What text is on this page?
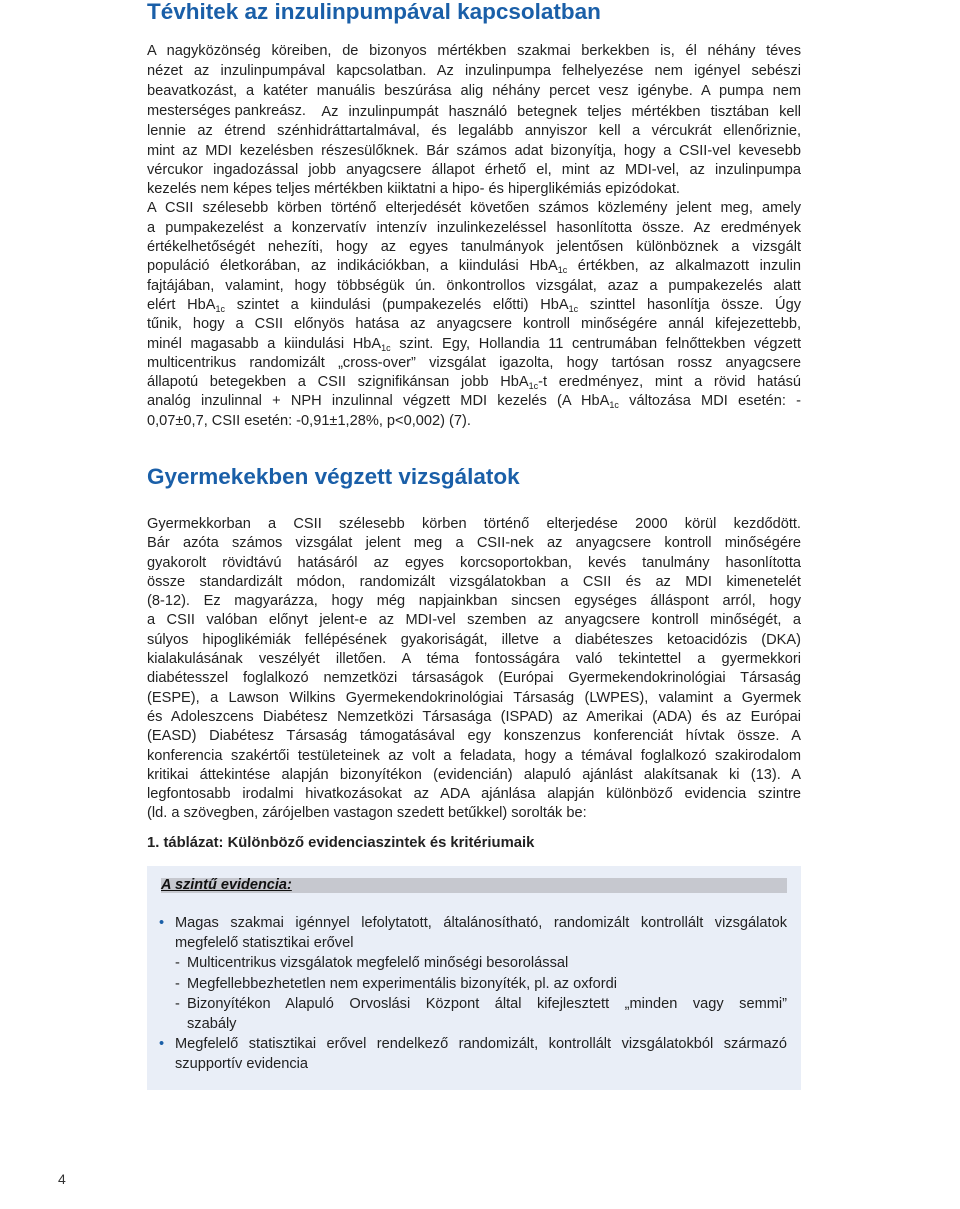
Tévhitek az inzulinpumpával kapcsolatban

A nagyközönség köreiben, de bizonyos mértékben szakmai berkekben is, él néhány téves
nézet az inzulinpumpával kapcsolatban. Az inzulinpumpa felhelyezése nem igényel sebészi
beavatkozást, a katéter manuális beszúrása alig néhány percet vesz igénybe. A pumpa nem
mesterséges pankreász.	Az inzulinpumpát használó betegnek teljes mértékben tisztában kell
lennie az étrend szénhidráttartalmával, és legalább annyiszor kell a vércukrát ellenőriznie,
mint az MDI kezelésben részesülőknek. Bár számos adat bizonyítja, hogy a CSII-vel kevesebb
vércukor ingadozással jobb anyagcsere állapot érhető el, mint az MDI-vel, az inzulinpumpa
kezelés nem képes teljes mértékben kiiktatni a hipo- és hiperglikémiás epizódokat.
A CSII szélesebb körben történő elterjedését követően számos közlemény jelent meg, amely
a pumpakezelést a konzervatív intenzív inzulinkezeléssel hasonlította össze. Az eredmények
értékelhetőségét nehezíti, hogy az egyes tanulmányok jelentősen különböznek a vizsgált
populáció életkorában, az indikációkban, a kiindulási HbA$_{1c}$ értékben, az alkalmazott inzulin
fajtájában, valamint, hogy többségük ún. önkontrollos vizsgálat, azaz a pumpakezelés alatt
elért HbA$_{1c}$ szintet a kiindulási (pumpakezelés előtti) HbA$_{1c}$ szinttel hasonlítja össze. Úgy
tűnik, hogy a CSII előnyös hatása az anyagcsere kontroll minőségére annál kifejezettebb,
minél magasabb a kiindulási HbA$_{1c}$ szint. Egy, Hollandia 11 centrumában felnőttekben végzett
multicentrikus randomizált „cross-over” vizsgálat igazolta, hogy tartósan rossz anyagcsere
állapotú betegekben a CSII szignifikánsan jobb HbA$_{1c}$-t eredményez, mint a rövid hatású
analóg inzulinnal + NPH inzulinnal végzett MDI kezelés (A HbA$_{1c}$ változása MDI esetén: -
0,07±0,7, CSII esetén: -0,91±1,28%, p<0,002) (7).

Gyermekekben végzett vizsgálatok

Gyermekkorban a CSII szélesebb körben történő elterjedése 2000 körül kezdődött.
Bár azóta számos vizsgálat jelent meg a CSII-nek az anyagcsere kontroll minőségére
gyakorolt rövidtávú hatásáról az egyes korcsoportokban, kevés tanulmány hasonlította
össze standardizált módon, randomizált vizsgálatokban a CSII és az MDI kimenetelét
(8-12). Ez magyarázza, hogy még napjainkban sincsen egységes álláspont arról, hogy
a CSII valóban előnyt jelent-e az MDI-vel szemben az anyagcsere kontroll minőségét, a
súlyos hipoglikémiák fellépésének gyakoriságát, illetve a diabéteszes ketoacidózis (DKA)
kialakulásának veszélyét illetően. A téma fontosságára való tekintettel a gyermekkori
diabétesszel foglalkozó nemzetközi társaságok (Európai Gyermekendokrinológiai Társaság
(ESPE), a Lawson Wilkins Gyermekendokrinológiai Társaság (LWPES), valamint a Gyermek
és Adoleszcens Diabétesz Nemzetközi Társasága (ISPAD) az Amerikai (ADA) és az Európai
(EASD) Diabétesz Társaság támogatásával egy konszenzus konferenciát hívtak össze. A
konferencia szakértői testületeinek az volt a feladata, hogy a témával foglalkozó szakirodalom
kritikai áttekintése alapján bizonyítékon (evidencián) alapuló ajánlást alakítsanak ki (13). A
legfontosabb irodalmi hivatkozásokat az ADA ajánlása alapján különböző evidencia szintre
(ld. a szövegben, zárójelben vastagon szedett betűkkel) sorolták be:

1. táblázat: Különböző evidenciaszintek és kritériumaik

A szintű evidencia:
• Magas szakmai igénnyel lefolytatott, általánosítható, randomizált kontrollált vizsgálatok
megfelelő statisztikai erővel
- Multicentrikus vizsgálatok megfelelő minőségi besorolással
- Megfellebbezhetetlen nem experimentális bizonyíték, pl. az oxfordi
- Bizonyítékon Alapuló Orvoslási Központ által kifejlesztett „minden vagy semmi”
szabály
• Megfelelő statisztikai erővel rendelkező randomizált, kontrollált vizsgálatokból származó
szupportív evidencia
4
